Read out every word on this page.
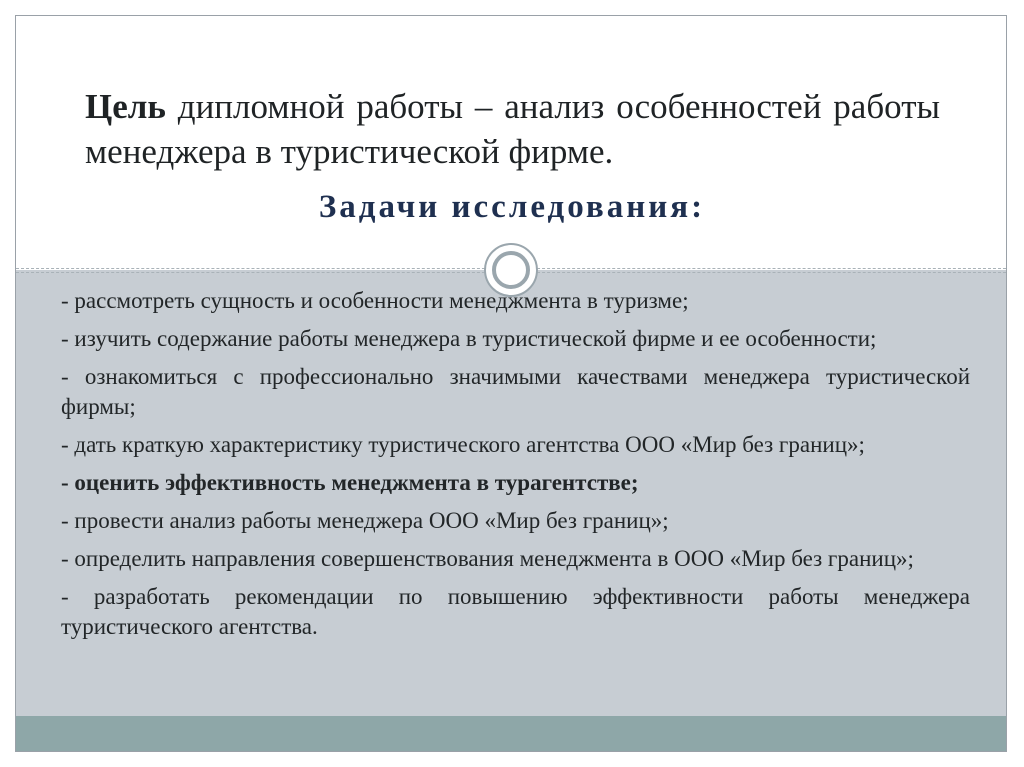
Цель дипломной работы – анализ особенностей работы менеджера в туристической фирме.
Задачи исследования:
- рассмотреть сущность и особенности менеджмента в туризме;
- изучить содержание работы менеджера в туристической фирме и ее особенности;
- ознакомиться с профессионально значимыми качествами менеджера туристической фирмы;
- дать краткую характеристику туристического агентства ООО «Мир без границ»;
- оценить эффективность менеджмента в турагентстве;
- провести анализ работы менеджера ООО «Мир без границ»;
- определить направления совершенствования менеджмента в ООО «Мир без границ»;
- разработать рекомендации по повышению эффективности работы менеджера туристического агентства.
